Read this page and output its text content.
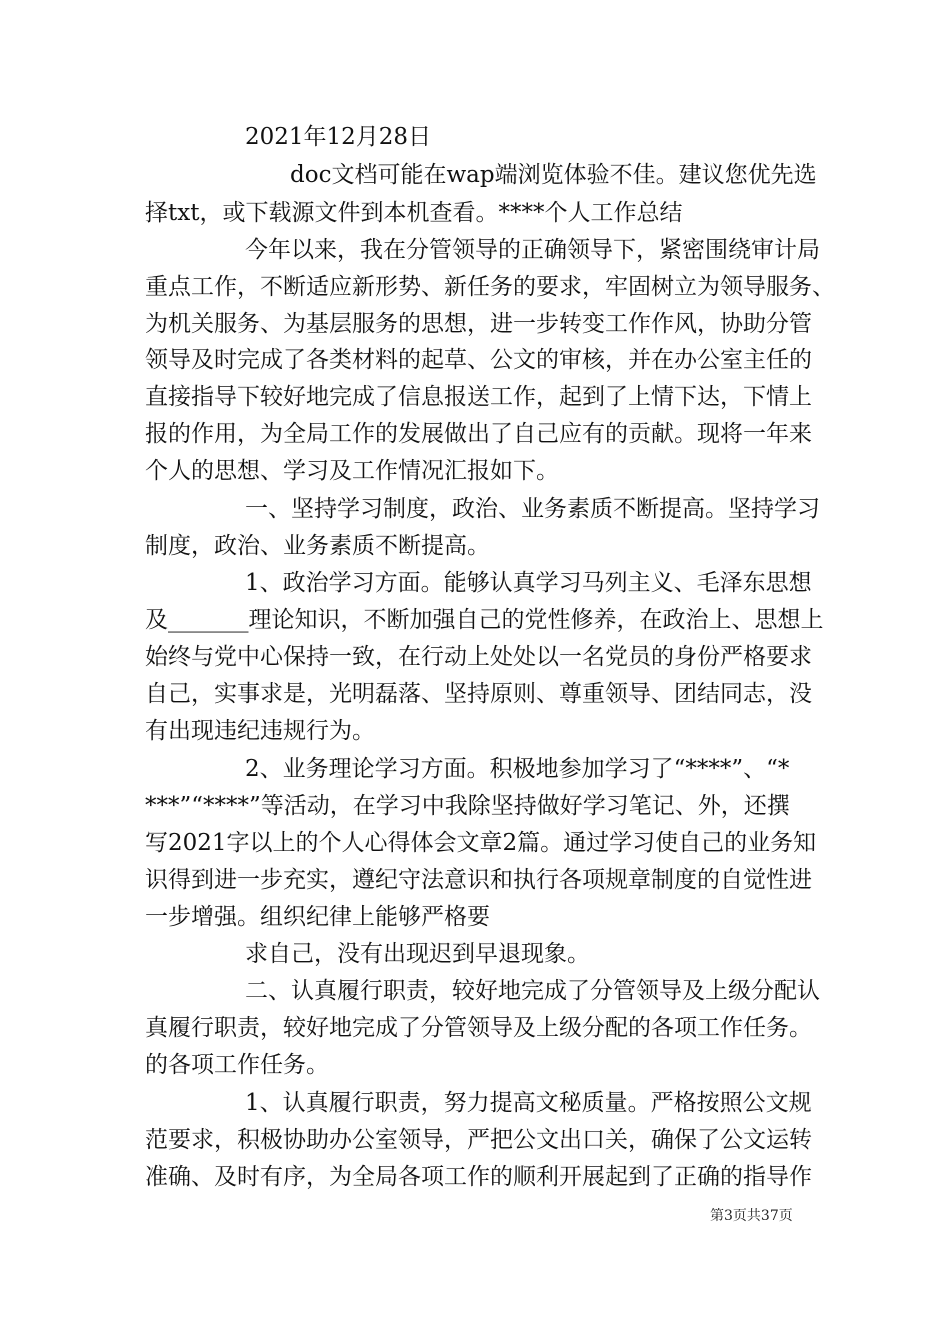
2021年12月28日
doc文档可能在wap端浏览体验不佳。建议您优先选
择txt，或下载源文件到本机查看。****个人工作总结
今年以来，我在分管领导的正确领导下，紧密围绕审计局
重点工作，不断适应新形势、新任务的要求，牢固树立为领导服务、
为机关服务、为基层服务的思想，进一步转变工作作风，协助分管
领导及时完成了各类材料的起草、公文的审核，并在办公室主任的
直接指导下较好地完成了信息报送工作，起到了上情下达，下情上
报的作用，为全局工作的发展做出了自己应有的贡献。现将一年来
个人的思想、学习及工作情况汇报如下。
一、坚持学习制度，政治、业务素质不断提高。坚持学习
制度，政治、业务素质不断提高。
1、政治学习方面。能够认真学习马列主义、毛泽东思想
及_______理论知识，不断加强自己的党性修养，在政治上、思想上
始终与党中心保持一致，在行动上处处以一名党员的身份严格要求
自己，实事求是，光明磊落、坚持原则、尊重领导、团结同志，没
有出现违纪违规行为。
2、业务理论学习方面。积极地参加学习了“****”、“*
***”“****”等活动，在学习中我除坚持做好学习笔记、外，还撰
写2021字以上的个人心得体会文章2篇。通过学习使自己的业务知
识得到进一步充实，遵纪守法意识和执行各项规章制度的自觉性进
一步增强。组织纪律上能够严格要
求自己，没有出现迟到早退现象。
二、认真履行职责，较好地完成了分管领导及上级分配认
真履行职责，较好地完成了分管领导及上级分配的各项工作任务。
的各项工作任务。
1、认真履行职责，努力提高文秘质量。严格按照公文规
范要求，积极协助办公室领导，严把公文出口关，确保了公文运转
准确、及时有序，为全局各项工作的顺利开展起到了正确的指导作
第3页共37页
